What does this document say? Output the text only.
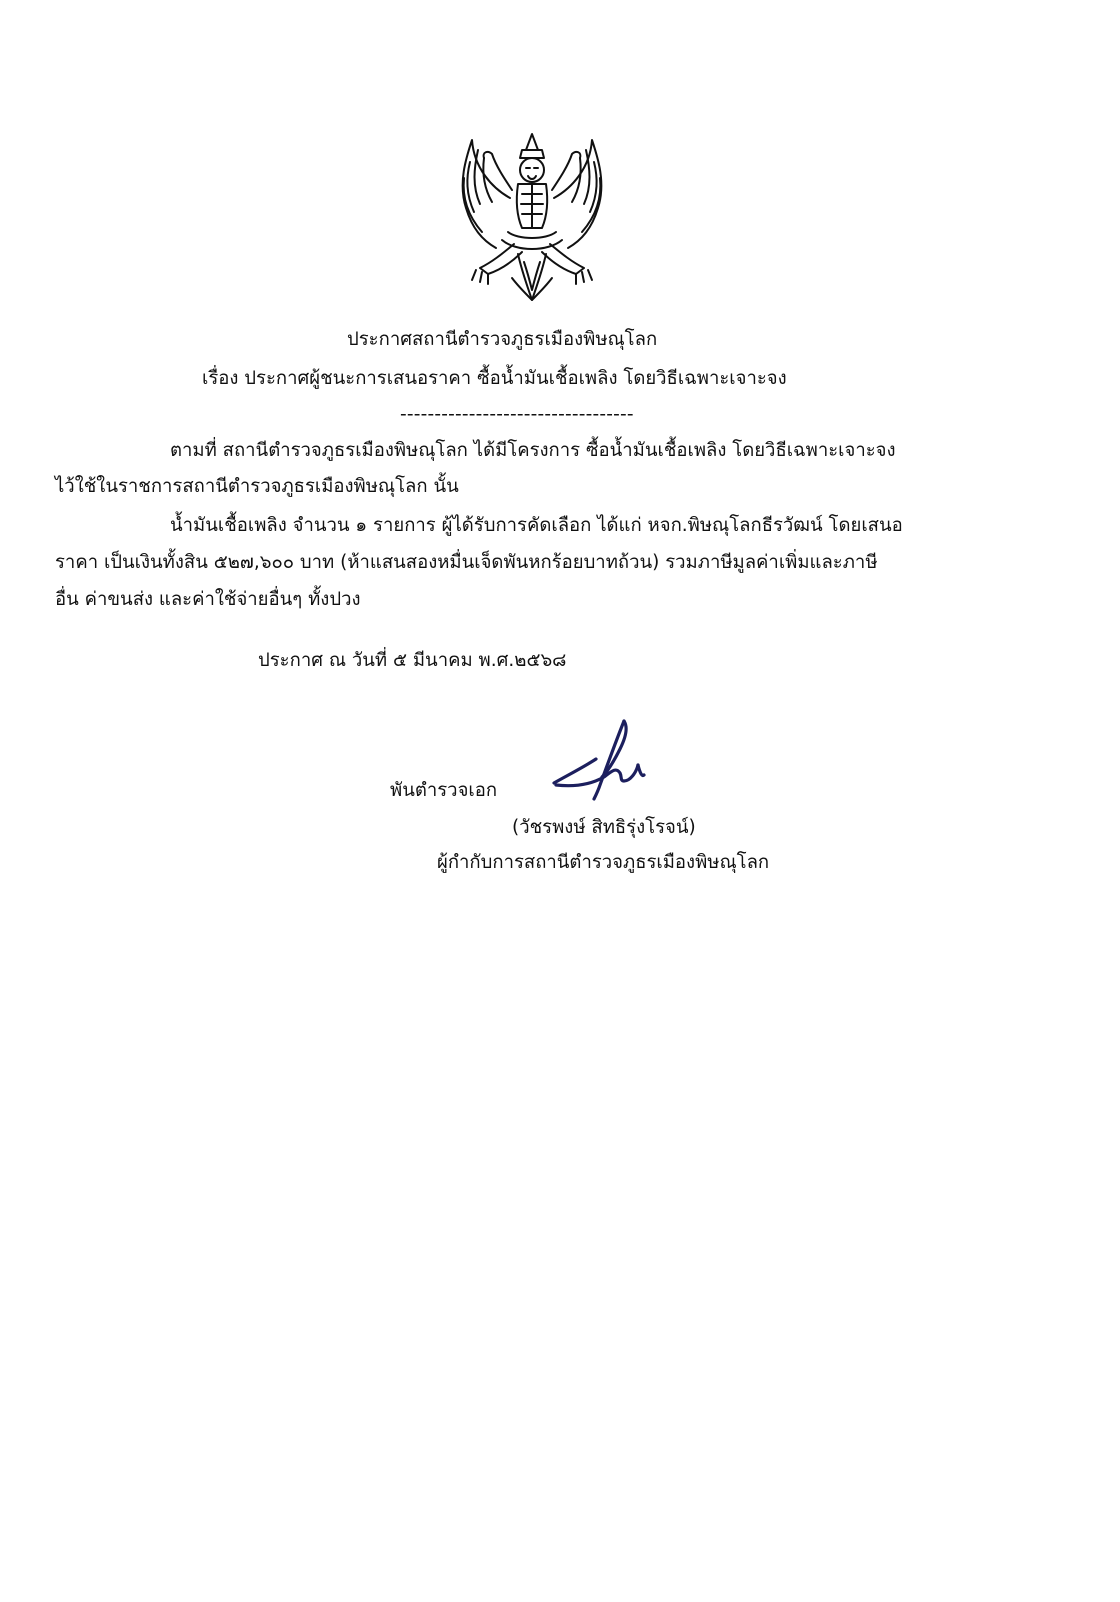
ประกาศสถานีตำรวจภูธรเมืองพิษณุโลก
เรื่อง ประกาศผู้ชนะการเสนอราคา ซื้อน้ำมันเชื้อเพลิง โดยวิธีเฉพาะเจาะจง
----------------------------------
ตามที่ สถานีตำรวจภูธรเมืองพิษณุโลก ได้มีโครงการ ซื้อน้ำมันเชื้อเพลิง โดยวิธีเฉพาะเจาะจง
ไว้ใช้ในราชการสถานีตำรวจภูธรเมืองพิษณุโลก นั้น
น้ำมันเชื้อเพลิง จำนวน ๑ รายการ ผู้ได้รับการคัดเลือก ได้แก่ หจก.พิษณุโลกธีรวัฒน์ โดยเสนอ
ราคา เป็นเงินทั้งสิน ๕๒๗,๖๐๐ บาท (ห้าแสนสองหมื่นเจ็ดพันหกร้อยบาทถ้วน) รวมภาษีมูลค่าเพิ่มและภาษี
อื่น ค่าขนส่ง และค่าใช้จ่ายอื่นๆ ทั้งปวง
ประกาศ ณ วันที่ ๕ มีนาคม พ.ศ.๒๕๖๘
พันตำรวจเอก
(วัชรพงษ์ สิทธิรุ่งโรจน์)
ผู้กำกับการสถานีตำรวจภูธรเมืองพิษณุโลก
